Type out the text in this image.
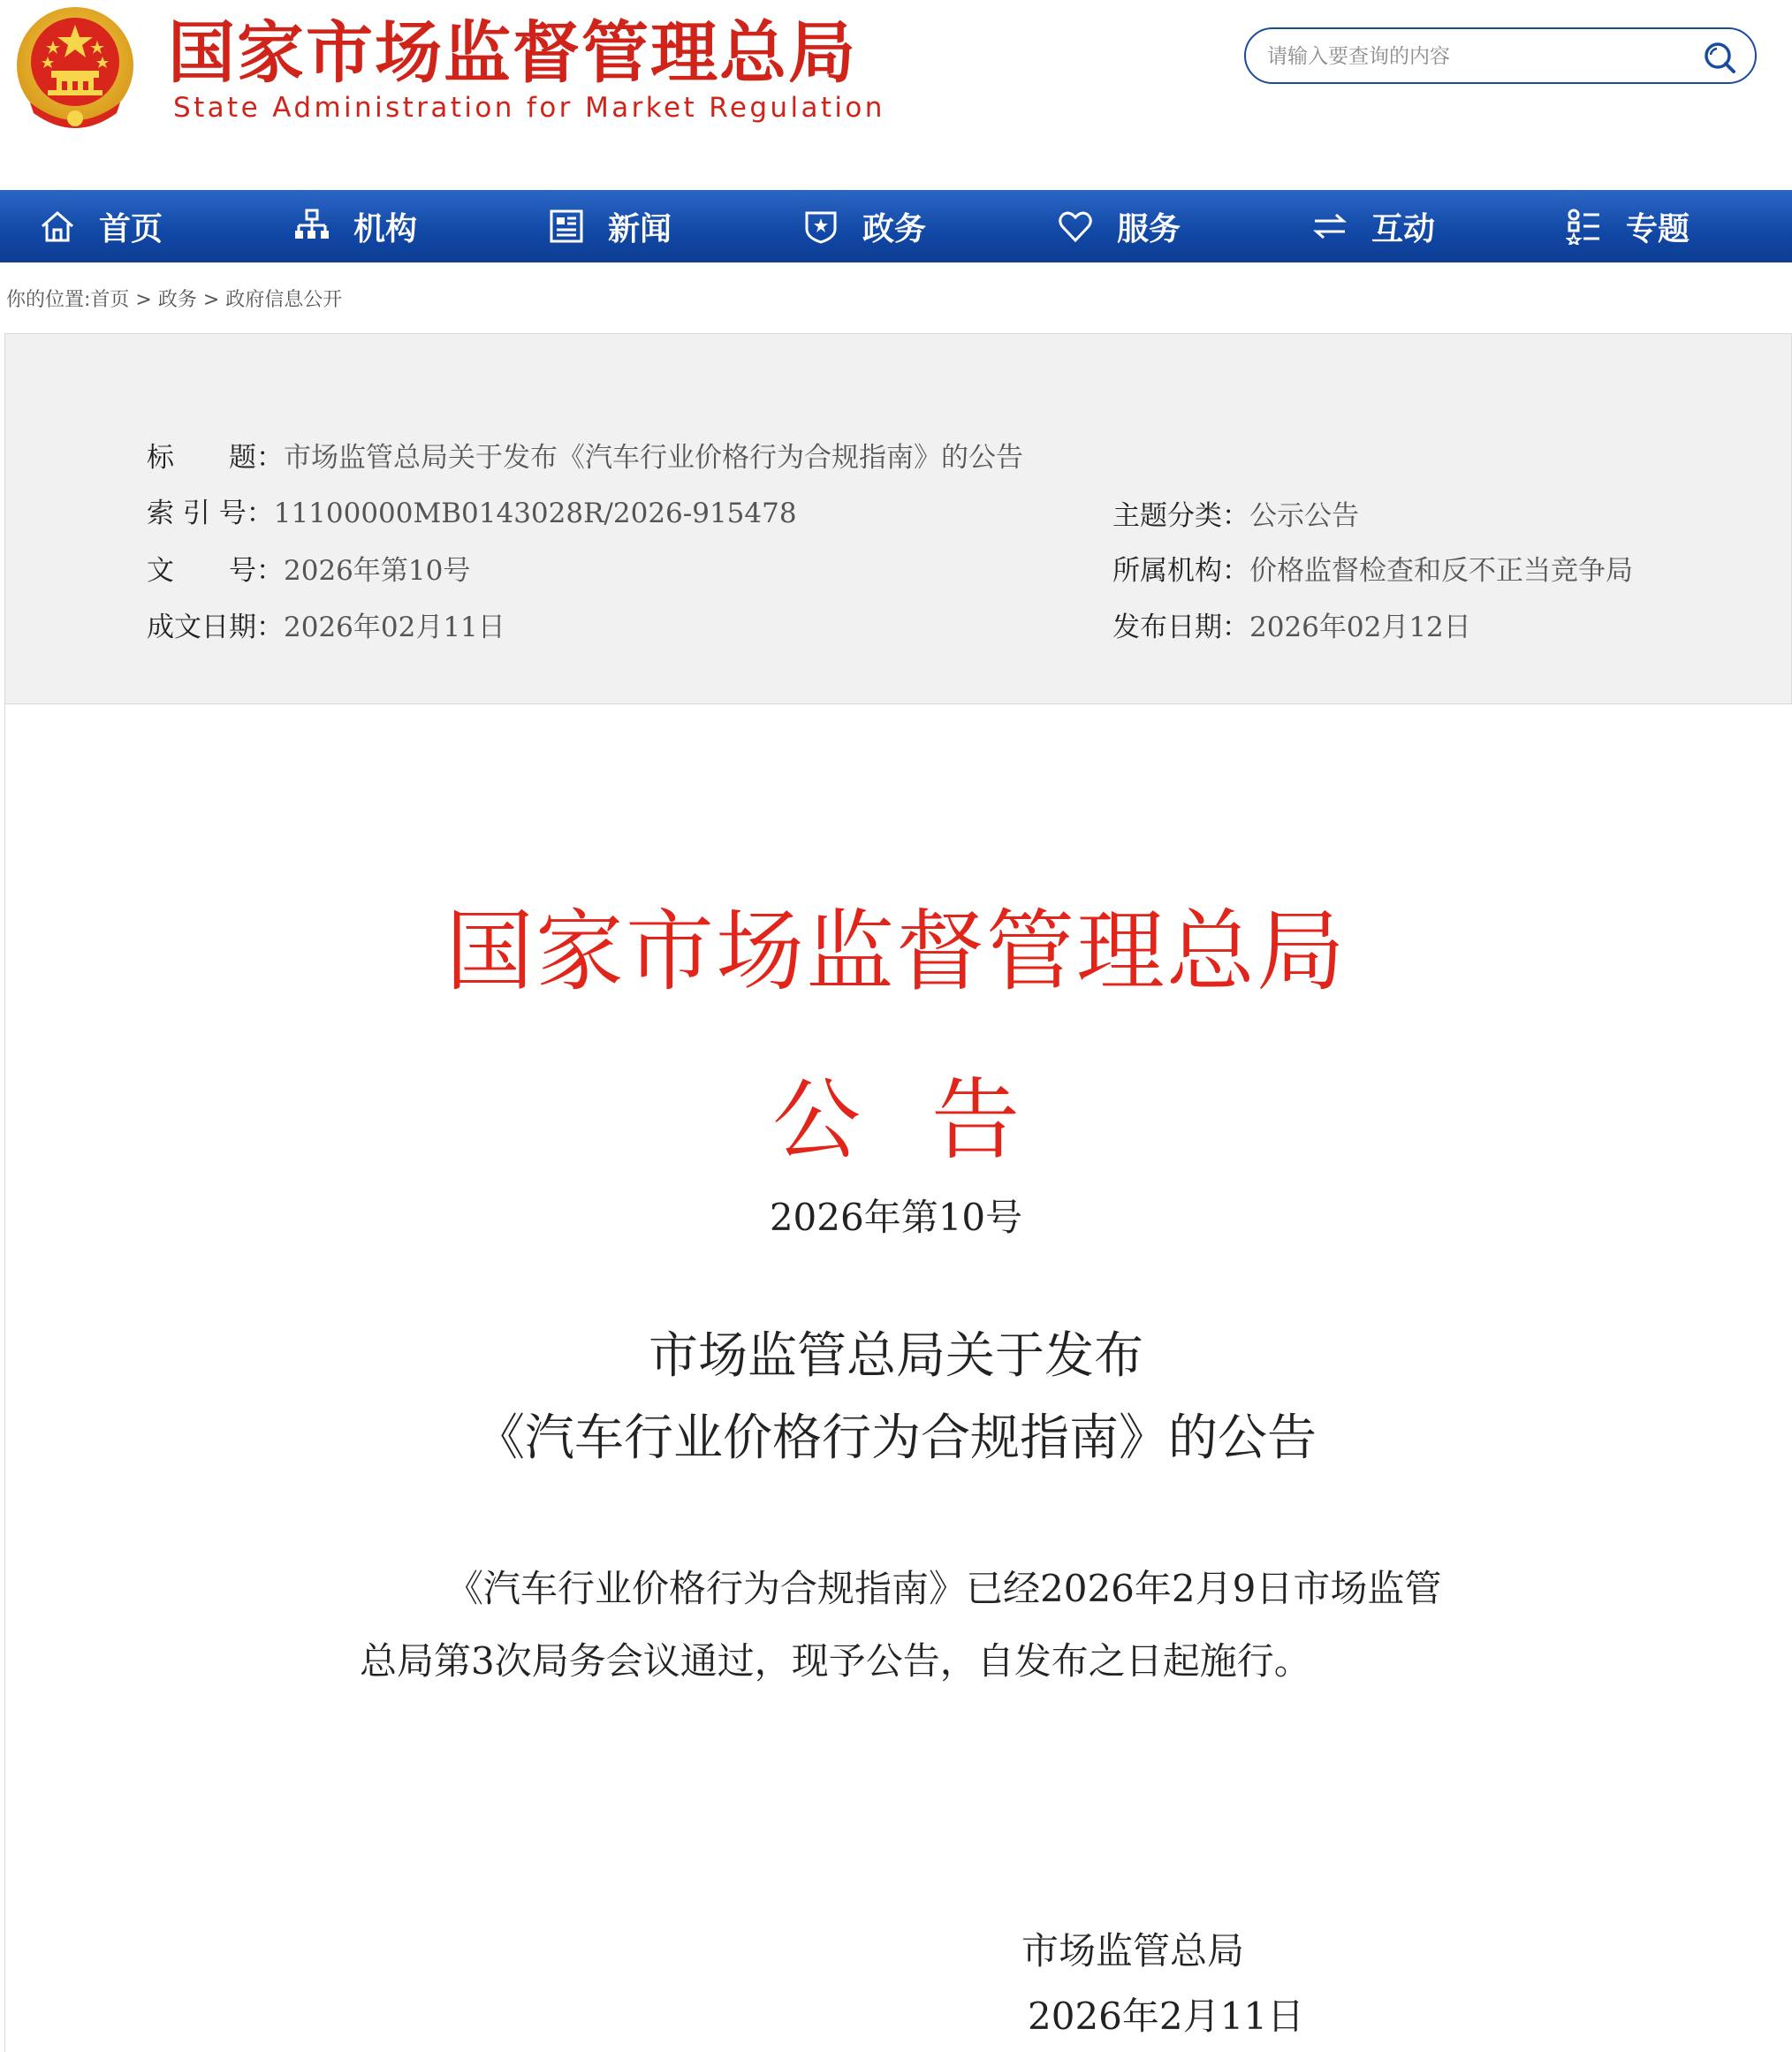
国家市场监督管理总局
State Administration for Market Regulation
请输入要查询的内容
首页	机构	新闻	政务	服务	互动	专题
你的位置:首页 > 政务 > 政府信息公开
标　　题：市场监管总局关于发布《汽车行业价格行为合规指南》的公告
索 引 号：11100000MB0143028R/2026-915478	主题分类：公示公告
文　　号：2026年第10号	所属机构：价格监督检查和反不正当竞争局
成文日期：2026年02月11日	发布日期：2026年02月12日
国家市场监督管理总局
公告
2026年第10号
市场监管总局关于发布
《汽车行业价格行为合规指南》的公告
《汽车行业价格行为合规指南》已经2026年2月9日市场监管
总局第3次局务会议通过，现予公告，自发布之日起施行。
市场监管总局
2026年2月11日
